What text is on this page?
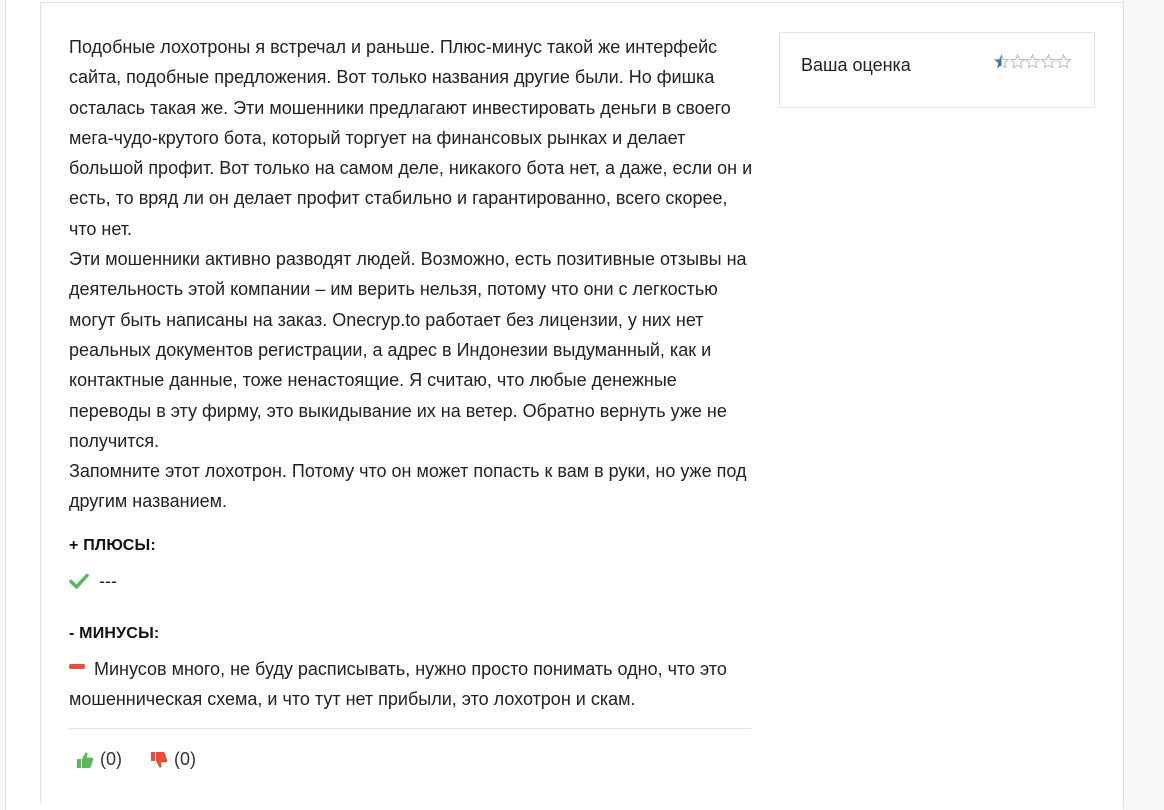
Подобные лохотроны я встречал и раньше. Плюс-минус такой же интерфейс сайта, подобные предложения. Вот только названия другие были. Но фишка осталась такая же. Эти мошенники предлагают инвестировать деньги в своего мега-чудо-крутого бота, который торгует на финансовых рынках и делает большой профит. Вот только на самом деле, никакого бота нет, а даже, если он и есть, то вряд ли он делает профит стабильно и гарантированно, всего скорее, что нет.

Эти мошенники активно разводят людей. Возможно, есть позитивные отзывы на деятельность этой компании – им верить нельзя, потому что они с легкостью могут быть написаны на заказ. Onecryp.to работает без лицензии, у них нет реальных документов регистрации, а адрес в Индонезии выдуманный, как и контактные данные, тоже ненастоящие. Я считаю, что любые денежные переводы в эту фирму, это выкидывание их на ветер. Обратно вернуть уже не получится.

Запомните этот лохотрон. Потому что он может попасть к вам в руки, но уже под другим названием.

+ ПЛЮСЫ:
---
- МИНУСЫ:
Минусов много, не буду расписывать, нужно просто понимать одно, что это мошенническая схема, и что тут нет прибыли, это лохотрон и скам.
(0)	(0)
Ваша оценка
